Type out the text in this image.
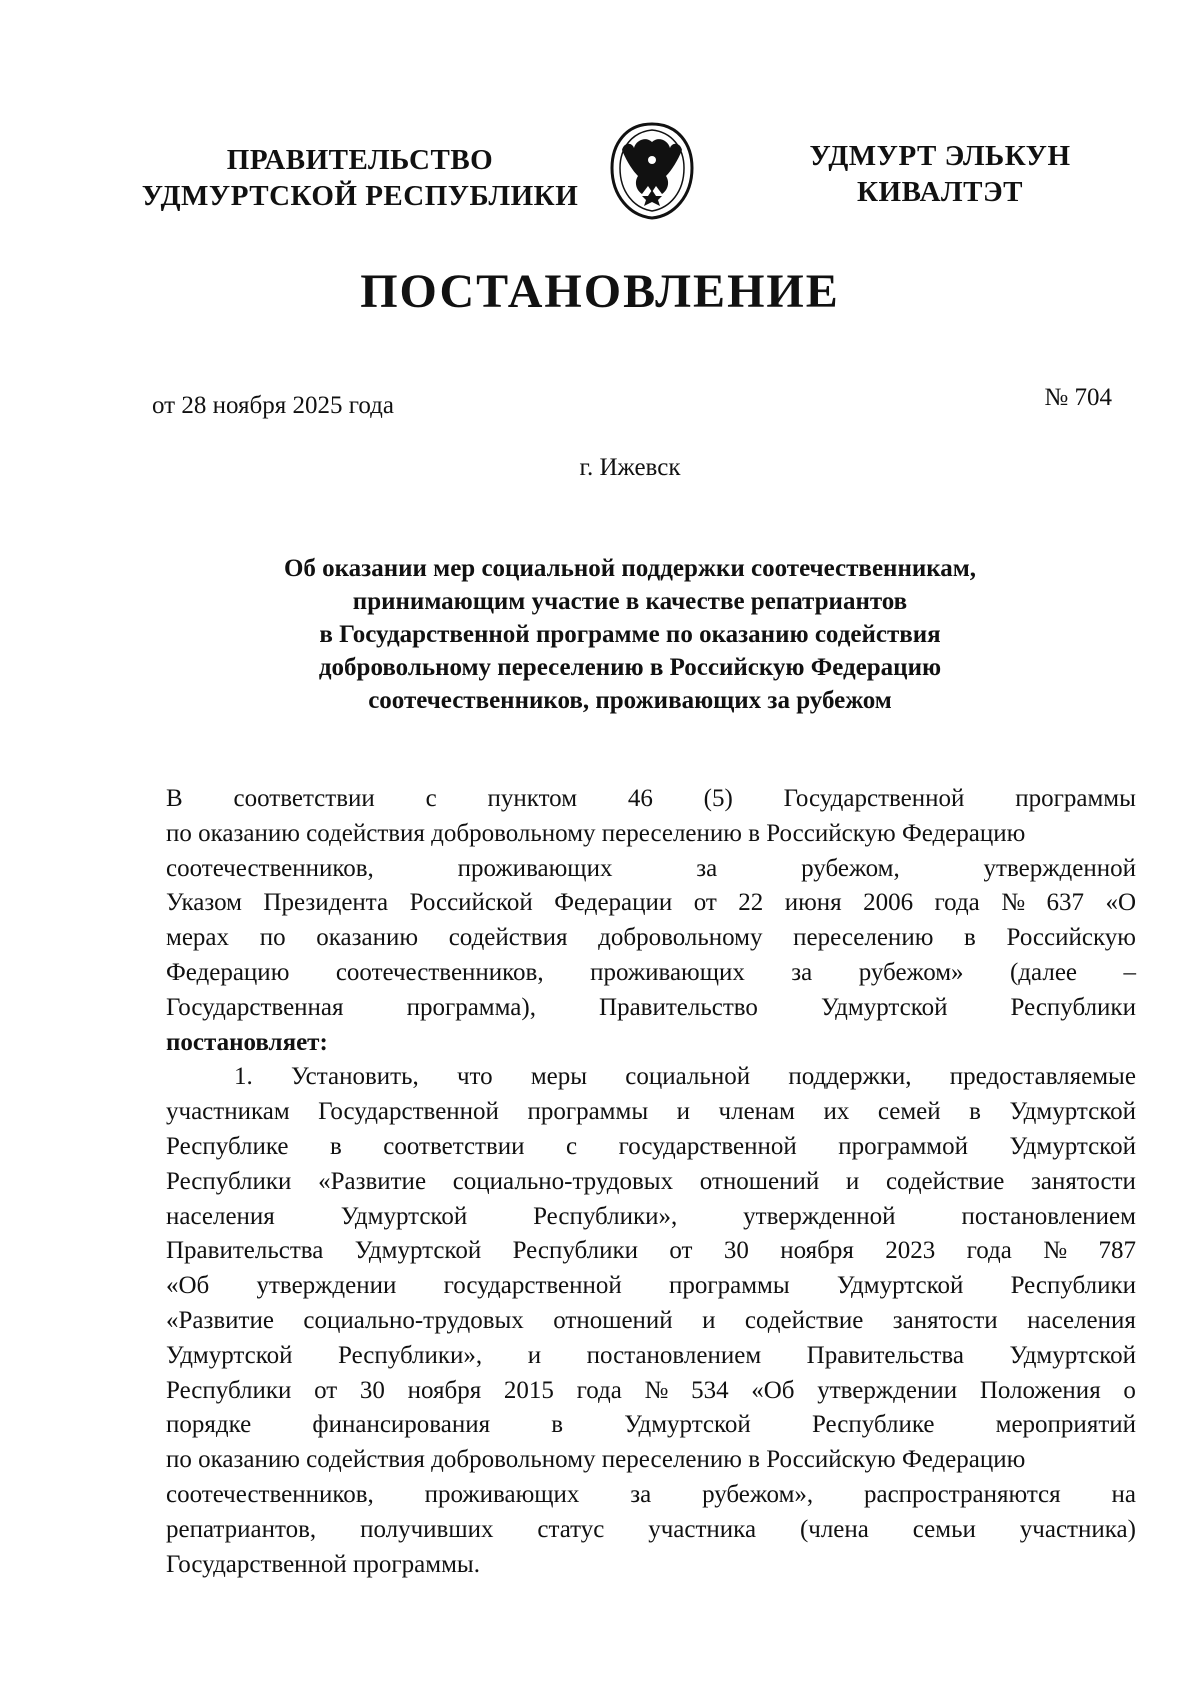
ПРАВИТЕЛЬСТВО
УДМУРТСКОЙ РЕСПУБЛИКИ
УДМУРТ ЭЛЬКУН
КИВАЛТЭТ
ПОСТАНОВЛЕНИЕ
от 28 ноября 2025 года	№ 704
г. Ижевск
Об оказании мер социальной поддержки соотечественникам,
принимающим участие в качестве репатриантов
в Государственной программе по оказанию содействия
добровольному переселению в Российскую Федерацию
соотечественников, проживающих за рубежом
В соответствии с пунктом 46 (5) Государственной программы
по оказанию содействия добровольному переселению в Российскую Федерацию
соотечественников,	проживающих	за	рубежом,	утвержденной
Указом Президента Российской Федерации от 22 июня 2006 года № 637 «О
мерах по оказанию содействия добровольному переселению в Российскую
Федерацию соотечественников, проживающих за рубежом» (далее –
Государственная	программа),	Правительство	Удмуртской	Республики
постановляет:
1. Установить, что меры социальной поддержки, предоставляемые
участникам Государственной программы и членам их семей в Удмуртской
Республике в соответствии с государственной программой Удмуртской
Республики «Развитие социально-трудовых отношений и содействие занятости
населения	Удмуртской	Республики»,	утвержденной	постановлением
Правительства Удмуртской Республики от 30 ноября 2023 года № 787
«Об утверждении государственной программы Удмуртской Республики
«Развитие социально-трудовых отношений и содействие занятости населения
Удмуртской Республики», и постановлением Правительства Удмуртской
Республики от 30 ноября 2015 года № 534 «Об утверждении Положения о
порядке финансирования в Удмуртской Республике мероприятий
по оказанию содействия добровольному переселению в Российскую Федерацию
соотечественников, проживающих за рубежом», распространяются на
репатриантов, получивших статус участника (члена семьи участника)
Государственной программы.
